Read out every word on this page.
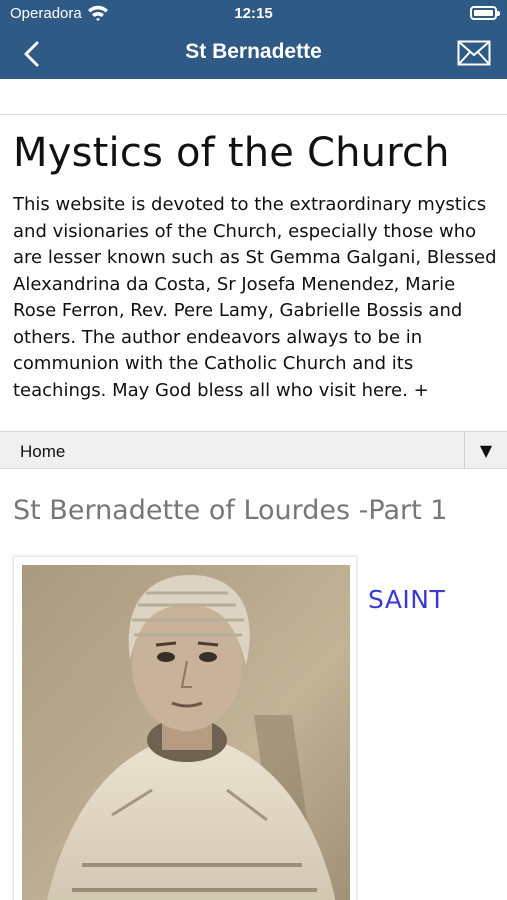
Operadora	12:15
St Bernadette
Mystics of the Church

This website is devoted to the extraordinary mystics and visionaries of the Church, especially those who are lesser known such as St Gemma Galgani, Blessed Alexandrina da Costa, Sr Josefa Menendez, Marie Rose Ferron, Rev. Pere Lamy, Gabrielle Bossis and others. The author endeavors always to be in communion with the Catholic Church and its teachings. May God bless all who visit here. +

Home	▼
St Bernadette of Lourdes -Part 1
SAINT
